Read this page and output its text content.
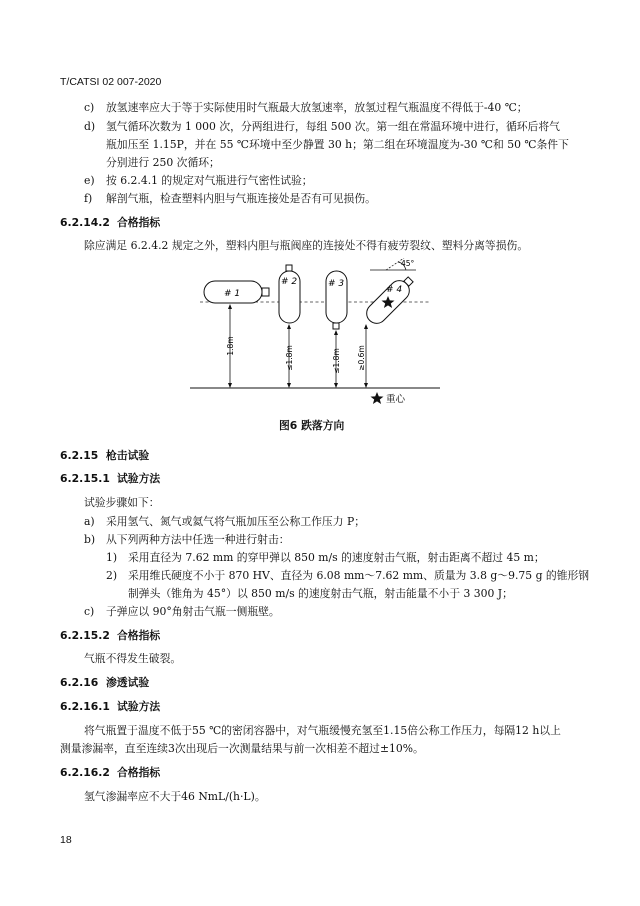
T/CATSI 02 007-2020
c) 放氢速率应大于等于实际使用时气瓶最大放氢速率，放氢过程气瓶温度不得低于-40 ℃；
d) 氢气循环次数为 1 000 次，分两组进行，每组 500 次。第一组在常温环境中进行，循环后将气
瓶加压至 1.15P，并在 55 ℃环境中至少静置 30 h；第二组在环境温度为-30 ℃和 50 ℃条件下
分别进行 250 次循环；
e) 按 6.2.4.1 的规定对气瓶进行气密性试验；
f) 解剖气瓶，检查塑料内胆与气瓶连接处是否有可见损伤。
6.2.14.2 合格指标
除应满足 6.2.4.2 规定之外，塑料内胆与瓶阀座的连接处不得有疲劳裂纹、塑料分离等损伤。
# 1
# 2	# 3
# 4
45°
1.8m	≤1.8m	≤1.8m ≥0.6m
重心
图6 跌落方向
6.2.15 枪击试验
6.2.15.1 试验方法
试验步骤如下：
a) 采用氢气、氮气或氦气将气瓶加压至公称工作压力 P；
b) 从下列两种方法中任选一种进行射击：
1) 采用直径为 7.62 mm 的穿甲弹以 850 m/s 的速度射击气瓶，射击距离不超过 45 m；
2) 采用维氏硬度不小于 870 HV、直径为 6.08 mm～7.62 mm、质量为 3.8 g～9.75 g 的锥形钢
制弹头（锥角为 45°）以 850 m/s 的速度射击气瓶，射击能量不小于 3 300 J；
c) 子弹应以 90°角射击气瓶一侧瓶壁。
6.2.15.2 合格指标
气瓶不得发生破裂。
6.2.16 渗透试验
6.2.16.1 试验方法
将气瓶置于温度不低于55 ℃的密闭容器中，对气瓶缓慢充氢至1.15倍公称工作压力，每隔12 h以上
测量渗漏率，直至连续3次出现后一次测量结果与前一次相差不超过±10%。
6.2.16.2 合格指标
氢气渗漏率应不大于46 NmL/(h·L)。
18
